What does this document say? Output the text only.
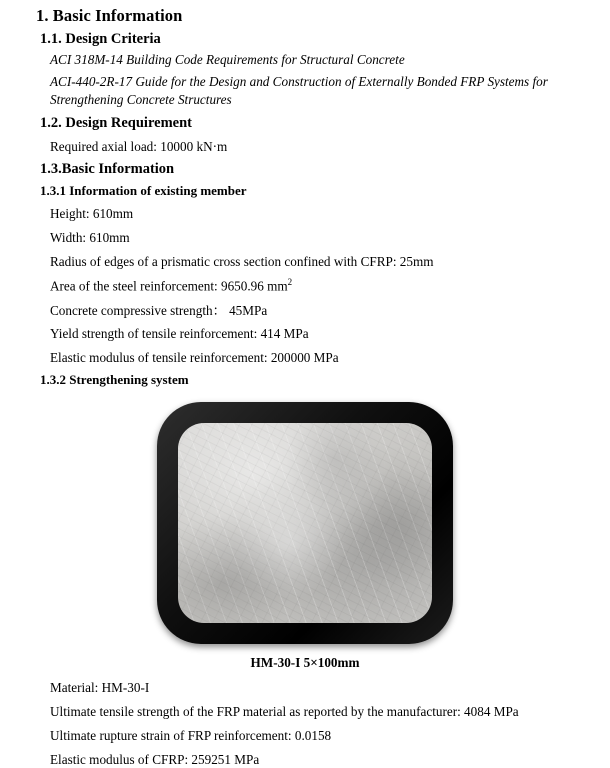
1. Basic Information
1.1. Design Criteria
ACI 318M-14 Building Code Requirements for Structural Concrete
ACI-440-2R-17 Guide for the Design and Construction of Externally Bonded FRP Systems for Strengthening Concrete Structures
1.2. Design Requirement
Required axial load: 10000 kN·m
1.3.Basic Information
1.3.1 Information of existing member
Height: 610mm
Width: 610mm
Radius of edges of a prismatic cross section confined with CFRP: 25mm
Area of the steel reinforcement: 9650.96 $mm^2$
Concrete compressive strength： 45MPa
Yield strength of tensile reinforcement: 414 MPa
Elastic modulus of tensile reinforcement: 200000 MPa
1.3.2 Strengthening system
HM-30-I 5×100mm
Material: HM-30-I
Ultimate tensile strength of the FRP material as reported by the manufacturer: 4084 MPa
Ultimate rupture strain of FRP reinforcement: 0.0158
Elastic modulus of CFRP: 259251 MPa
